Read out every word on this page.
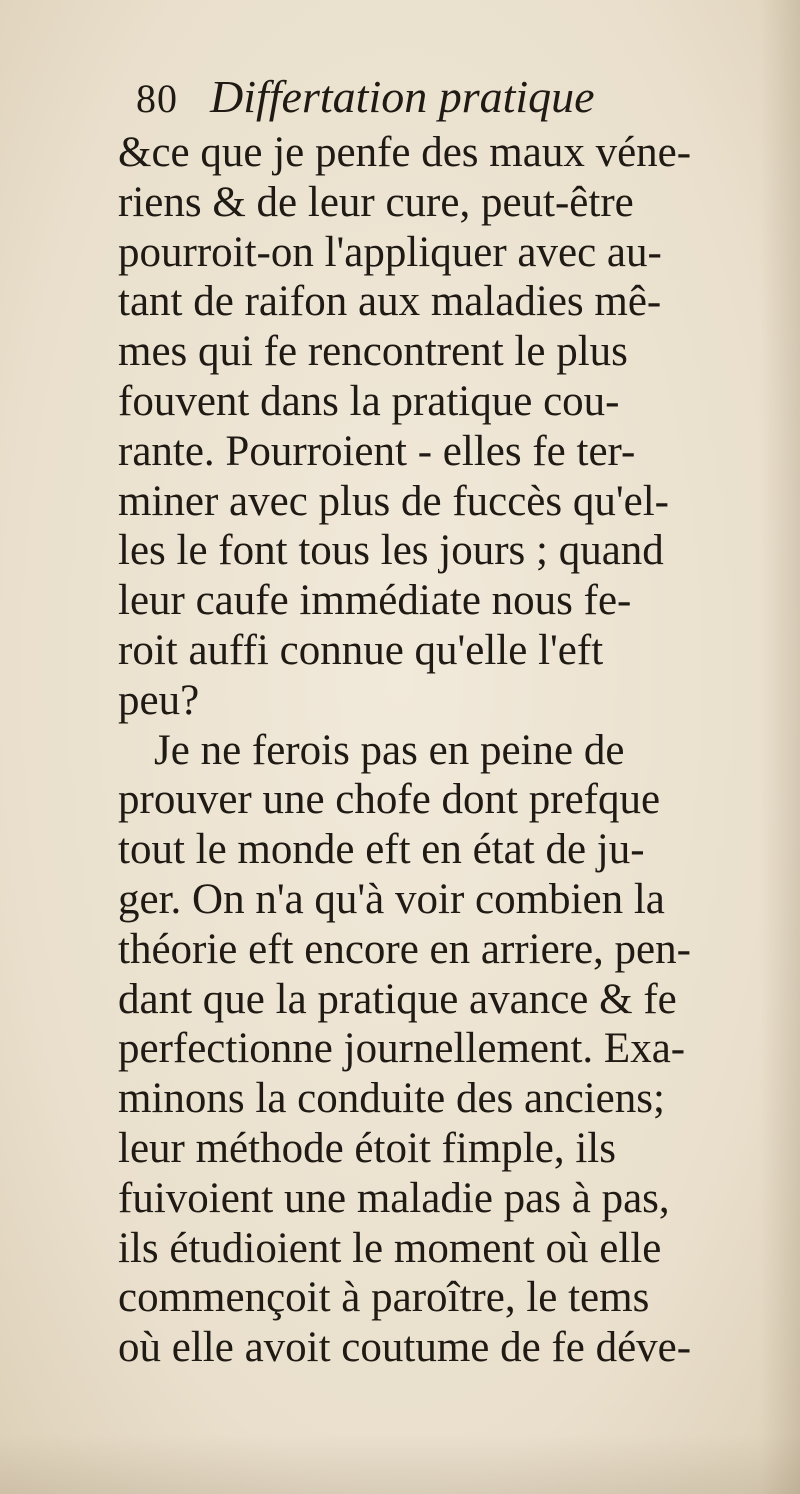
80 Differtation pratique
&ce que je penfe des maux véne-
riens & de leur cure, peut-être
pourroit-on l'appliquer avec au-
tant de raifon aux maladies mê-
mes qui fe rencontrent le plus
fouvent dans la pratique cou-
rante. Pourroient - elles fe ter-
miner avec plus de fuccès qu'el-
les le font tous les jours ; quand
leur caufe immédiate nous fe-
roit auffi connue qu'elle l'eft
peu?
Je ne ferois pas en peine de
prouver une chofe dont prefque
tout le monde eft en état de ju-
ger. On n'a qu'à voir combien la
théorie eft encore en arriere, pen-
dant que la pratique avance & fe
perfectionne journellement. Exa-
minons la conduite des anciens;
leur méthode étoit fimple, ils
fuivoient une maladie pas à pas,
ils étudioient le moment où elle
commençoit à paroître, le tems
où elle avoit coutume de fe déve-
